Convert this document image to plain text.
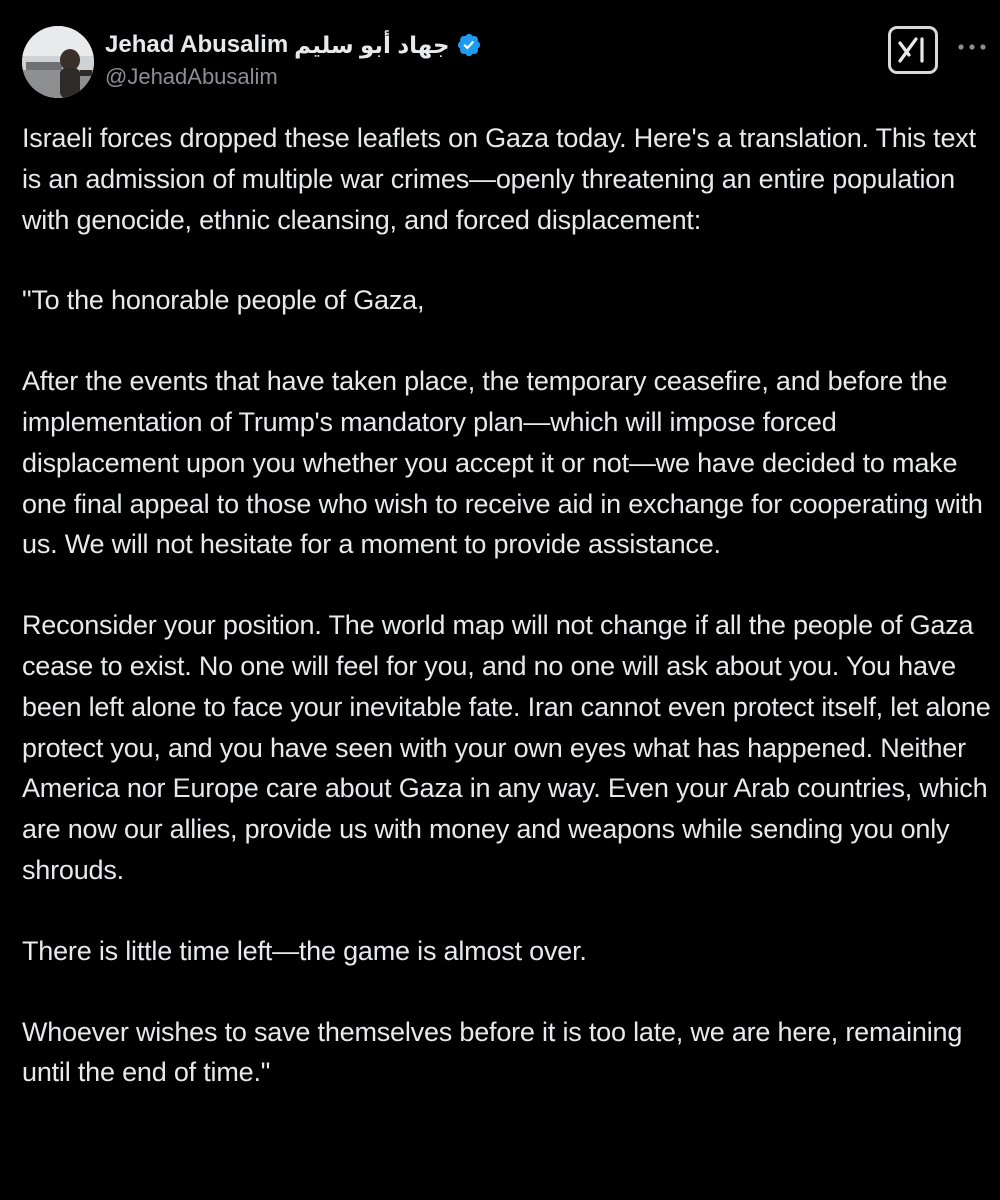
Jehad Abusalim جهاد أبو سليم
@JehadAbusalim

Israeli forces dropped these leaflets on Gaza today. Here's a translation. This text is an admission of multiple war crimes—openly threatening an entire population with genocide, ethnic cleansing, and forced displacement:

"To the honorable people of Gaza,

After the events that have taken place, the temporary ceasefire, and before the implementation of Trump's mandatory plan—which will impose forced displacement upon you whether you accept it or not—we have decided to make one final appeal to those who wish to receive aid in exchange for cooperating with us. We will not hesitate for a moment to provide assistance.

Reconsider your position. The world map will not change if all the people of Gaza cease to exist. No one will feel for you, and no one will ask about you. You have been left alone to face your inevitable fate. Iran cannot even protect itself, let alone protect you, and you have seen with your own eyes what has happened. Neither America nor Europe care about Gaza in any way. Even your Arab countries, which are now our allies, provide us with money and weapons while sending you only shrouds.

There is little time left—the game is almost over.

Whoever wishes to save themselves before it is too late, we are here, remaining until the end of time."
